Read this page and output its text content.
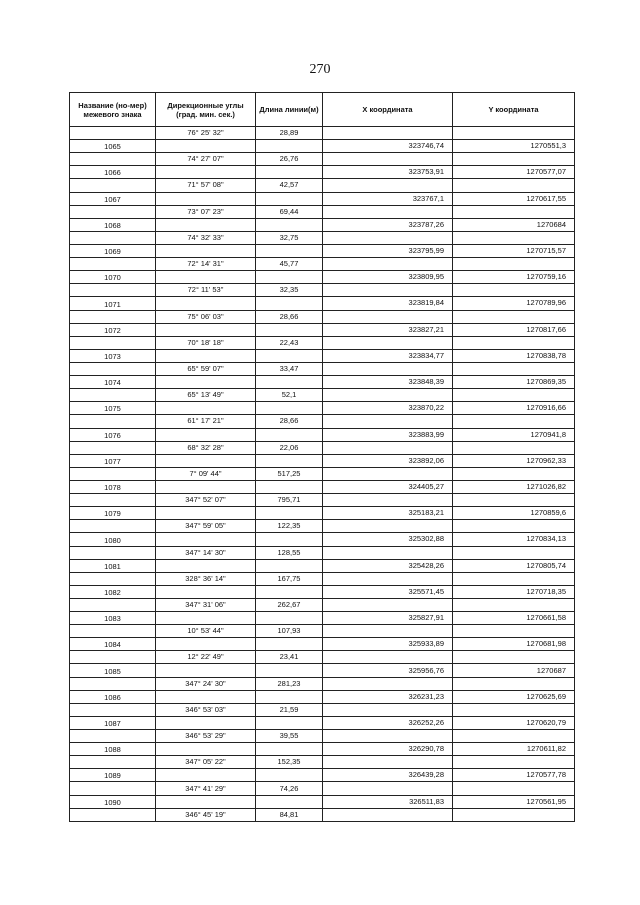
270
Название (но-мер) межевого знака	Дирекционные углы (град. мин. сек.)	Длина линии(м)	X координата	Y координата
	76° 25' 32"	28,89		
1065			323746,74	1270551,3
	74° 27' 07"	26,76		
1066			323753,91	1270577,07
	71° 57' 08"	42,57		
1067			323767,1	1270617,55
	73° 07' 23"	69,44		
1068			323787,26	1270684
	74° 32' 33"	32,75		
1069			323795,99	1270715,57
	72° 14' 31"	45,77		
1070			323809,95	1270759,16
	72° 11' 53"	32,35		
1071			323819,84	1270789,96
	75° 06' 03"	28,66		
1072			323827,21	1270817,66
	70° 18' 18"	22,43		
1073			323834,77	1270838,78
	65° 59' 07"	33,47		
1074			323848,39	1270869,35
	65° 13' 49"	52,1		
1075			323870,22	1270916,66
	61° 17' 21"	28,66		
1076			323883,99	1270941,8
	68° 32' 28"	22,06		
1077			323892,06	1270962,33
	7° 09' 44"	517,25		
1078			324405,27	1271026,82
	347° 52' 07"	795,71		
1079			325183,21	1270859,6
	347° 59' 05"	122,35		
1080			325302,88	1270834,13
	347° 14' 30"	128,55		
1081			325428,26	1270805,74
	328° 36' 14"	167,75		
1082			325571,45	1270718,35
	347° 31' 06"	262,67		
1083			325827,91	1270661,58
	10° 53' 44"	107,93		
1084			325933,89	1270681,98
	12° 22' 49"	23,41		
1085			325956,76	1270687
	347° 24' 30"	281,23		
1086			326231,23	1270625,69
	346° 53' 03"	21,59		
1087			326252,26	1270620,79
	346° 53' 29"	39,55		
1088			326290,78	1270611,82
	347° 05' 22"	152,35		
1089			326439,28	1270577,78
	347° 41' 29"	74,26		
1090			326511,83	1270561,95
	346° 45' 19"	84,81		
